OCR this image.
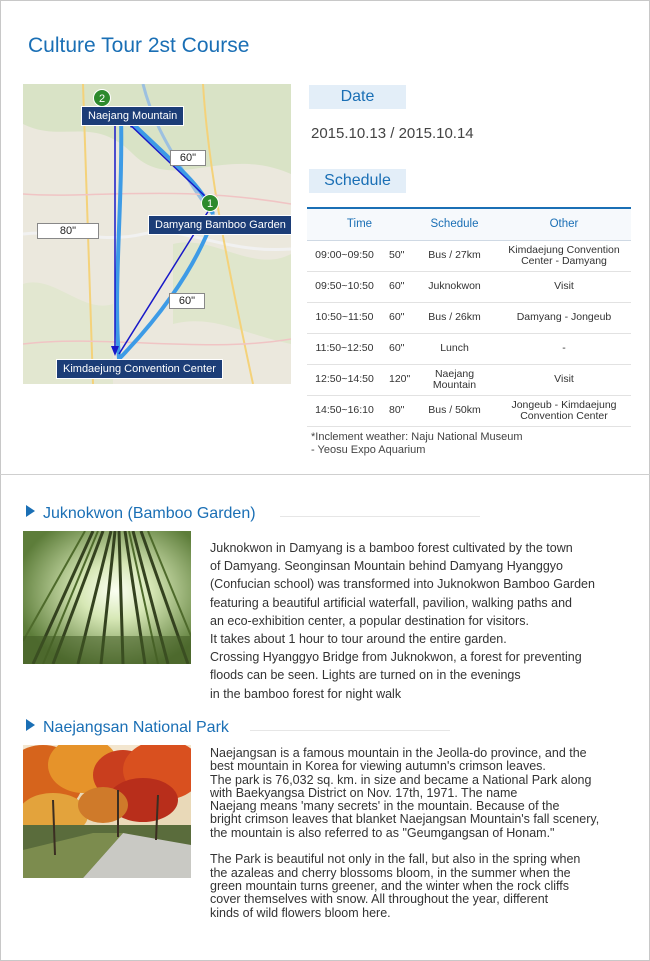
Culture Tour 2st Course
2
1
Naejang Mountain
Damyang Bamboo Garden
Kimdaejung Convention Center
60"
80"
60"
Date
2015.10.13 / 2015.10.14
Schedule
Time		Schedule	Other
09:00~09:50	50"	Bus / 27km	Kimdaejung Convention Center - Damyang
09:50~10:50	60"	Juknokwon	Visit
10:50~11:50	60"	Bus / 26km	Damyang - Jongeub
11:50~12:50	60"	Lunch	-
12:50~14:50	120"	Naejang Mountain	Visit
14:50~16:10	80"	Bus / 50km	Jongeub - Kimdaejung Convention Center
*Inclement weather: Naju National Museum
- Yeosu Expo Aquarium
Juknokwon (Bamboo Garden)

Juknokwon in Damyang is a bamboo forest cultivated by the town

of Damyang. Seonginsan Mountain behind Damyang Hyanggyo

(Confucian school) was transformed into Juknokwon Bamboo Garden

featuring a beautiful artificial waterfall, pavilion, walking paths and

an eco-exhibition center, a popular destination for visitors.

It takes about 1 hour to tour around the entire garden.

Crossing Hyanggyo Bridge from Juknokwon, a forest for preventing

floods can be seen. Lights are turned on in the evenings

in the bamboo forest for night walk

Naejangsan National Park

Naejangsan is a famous mountain in the Jeolla-do province, and the

best mountain in Korea for viewing autumn's crimson leaves.

The park is 76,032 sq. km. in size and became a National Park along

with Baekyangsa District on Nov. 17th, 1971. The name

Naejang means 'many secrets' in the mountain. Because of the

bright crimson leaves that blanket Naejangsan Mountain's fall scenery,

the mountain is also referred to as "Geumgangsan of Honam."

The Park is beautiful not only in the fall, but also in the spring when

the azaleas and cherry blossoms bloom, in the summer when the

green mountain turns greener, and the winter when the rock cliffs

cover themselves with snow. All throughout the year, different

kinds of wild flowers bloom here.
